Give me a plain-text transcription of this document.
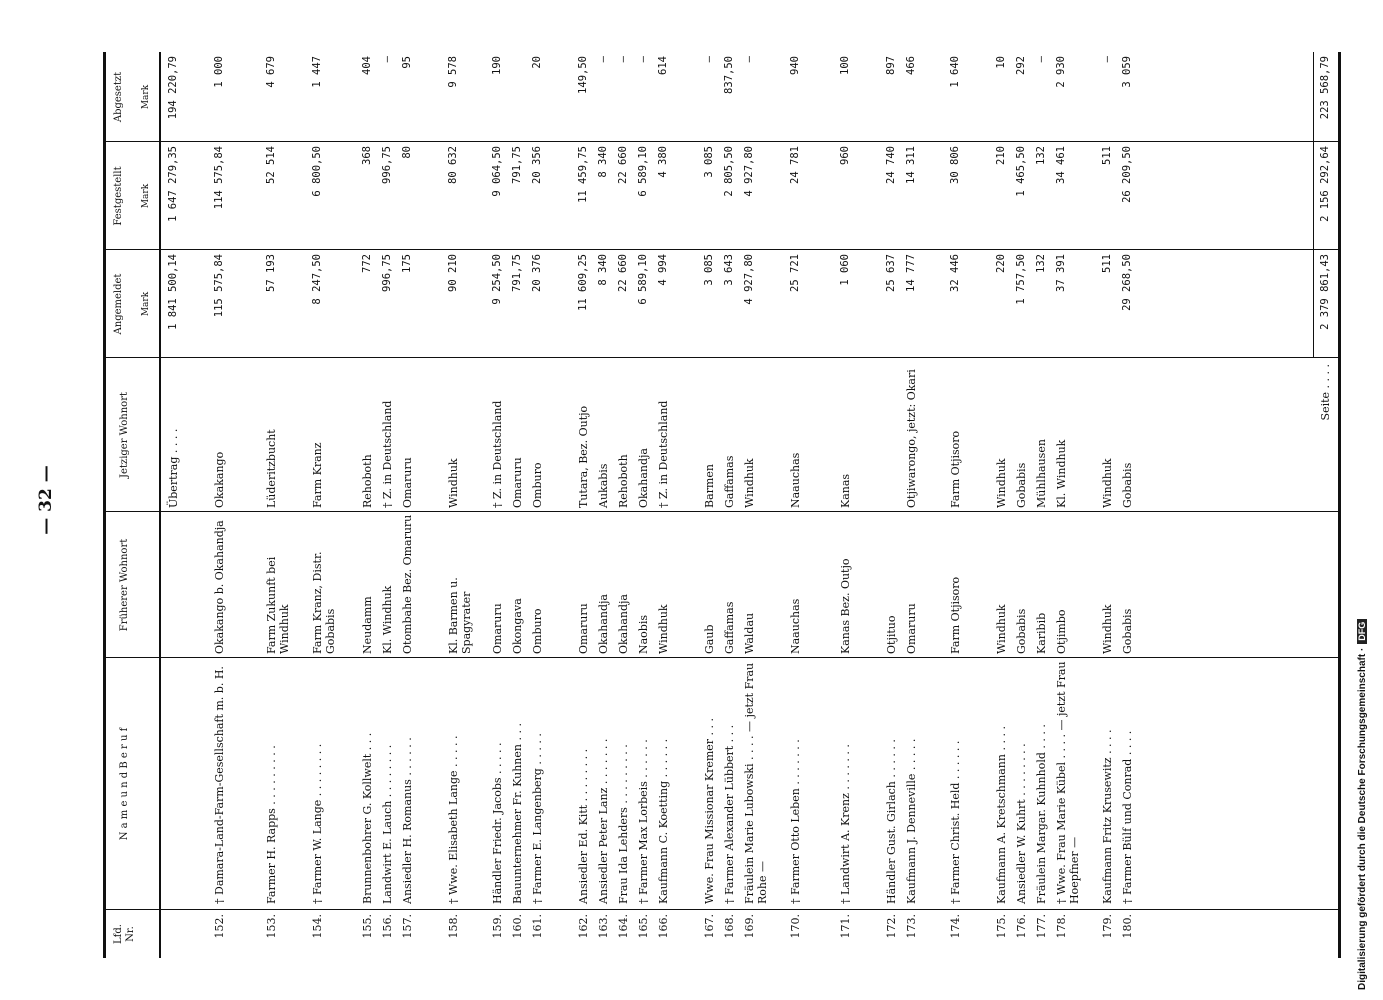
— 32 —
Lfd.
Nr.
N a m e u n d B e r u f
Früherer Wohnort
Jetziger Wohnort
Angemeldet
Festgestellt
Abgesetzt
Mark
Mark
Mark
Übertrag . . . .
1 841 500,14
1 647 279,35
194 220,79
152.
† Damara-Land-Farm-Gesellschaft m. b. H.
Okakango b. Okahandja
Okakango
115 575,84
114 575,84
1 000
153.
Farmer H. Rapps . . . . . . . . .
Farm Zukunft bei Windhuk
Lüderitzbucht
57 193
52 514
4 679
154.
† Farmer W. Lange . . . . . . . .
Farm Kranz, Distr. Gobabis
Farm Kranz
8 247,50
6 800,50
1 447
155.
Brunnenbohrer G. Kollwelt . . .
Neudamm
Rehoboth
772
368
404
156.
Landwirt E. Lauch . . . . . . . .
Kl. Windhuk
† Z. in Deutschland
996,75
996,75
—
157.
Ansiedler H. Romanus . . . . . .
Otombahe Bez. Omaruru
Omaruru
175
80
95
158.
† Wwe. Elisabeth Lange . . . . .
Kl. Barmen u. Spagyrater
Windhuk
90 210
80 632
9 578
159.
Händler Friedr. Jacobs . . . . .
Omaruru
† Z. in Deutschland
9 254,50
9 064,50
190
160.
Bauunternehmer Fr. Kuhnen . . .
Okongava
Omaruru
791,75
791,75
161.
† Farmer E. Langenberg . . . . .
Omburo
Omburo
20 376
20 356
20
162.
Ansiedler Ed. Kitt . . . . . . . .
Omaruru
Tutara, Bez. Outjo
11 609,25
11 459,75
149,50
163.
Ansiedler Peter Lanz . . . . . . .
Okahandja
Aukabis
8 340
8 340
—
164.
Frau Ida Lehders . . . . . . . . .
Okahandja
Rehoboth
22 660
22 660
—
165.
† Farmer Max Lorbeis . . . . . .
Naobis
Okahandja
6 589,10
6 589,10
—
166.
Kaufmann C. Koetting . . . . . .
Windhuk
† Z. in Deutschland
4 994
4 380
614
167.
Wwe. Frau Missionar Kremer . . .
Gaub
Barmen
3 085
3 085
—
168.
† Farmer Alexander Lübbert . . .
Gaffamas
Gaffamas
3 643
2 805,50
837,50
169.
Fräulein Marie Lubowski . . . . — jetzt Frau Rohe —
Waldau
Windhuk
4 927,80
4 927,80
—
170.
† Farmer Otto Leben . . . . . . .
Naauchas
Naauchas
25 721
24 781
940
171.
† Landwirt A. Krenz . . . . . . .
Kanas Bez. Outjo
Kanas
1 060
960
100
172.
Händler Gust. Girlach . . . . . .
Otjituo
25 637
24 740
897
173.
Kaufmann J. Denneville . . . . .
Omaruru
Otjiwarongo, jetzt: Okari
14 777
14 311
466
174.
† Farmer Christ. Held . . . . . .
Farm Otjisoro
Farm Otjisoro
32 446
30 806
1 640
175.
Kaufmann A. Kretschmann . . . .
Windhuk
Windhuk
220
210
10
176.
Ansiedler W. Kuhrt . . . . . . . .
Gobabis
Gobabis
1 757,50
1 465,50
292
177.
Fräulein Margar. Kuhnhold . . . .
Karibib
Mühlhausen
132
132
—
178.
† Wwe. Frau Marie Kübel . . . . — jetzt Frau Hoepfner —
Otjimbo
Kl. Windhuk
37 391
34 461
2 930
179.
Kaufmann Fritz Krusewitz . . . .
Windhuk
Windhuk
511
511
—
180.
† Farmer Bülf und Conrad . . . .
Gobabis
Gobabis
29 268,50
26 209,50
3 059
Seite . . . .
2 379 861,43
2 156 292,64
223 568,79
Digitalisierung gefördert durch die Deutsche Forschungsgemeinschaft ·DFG
